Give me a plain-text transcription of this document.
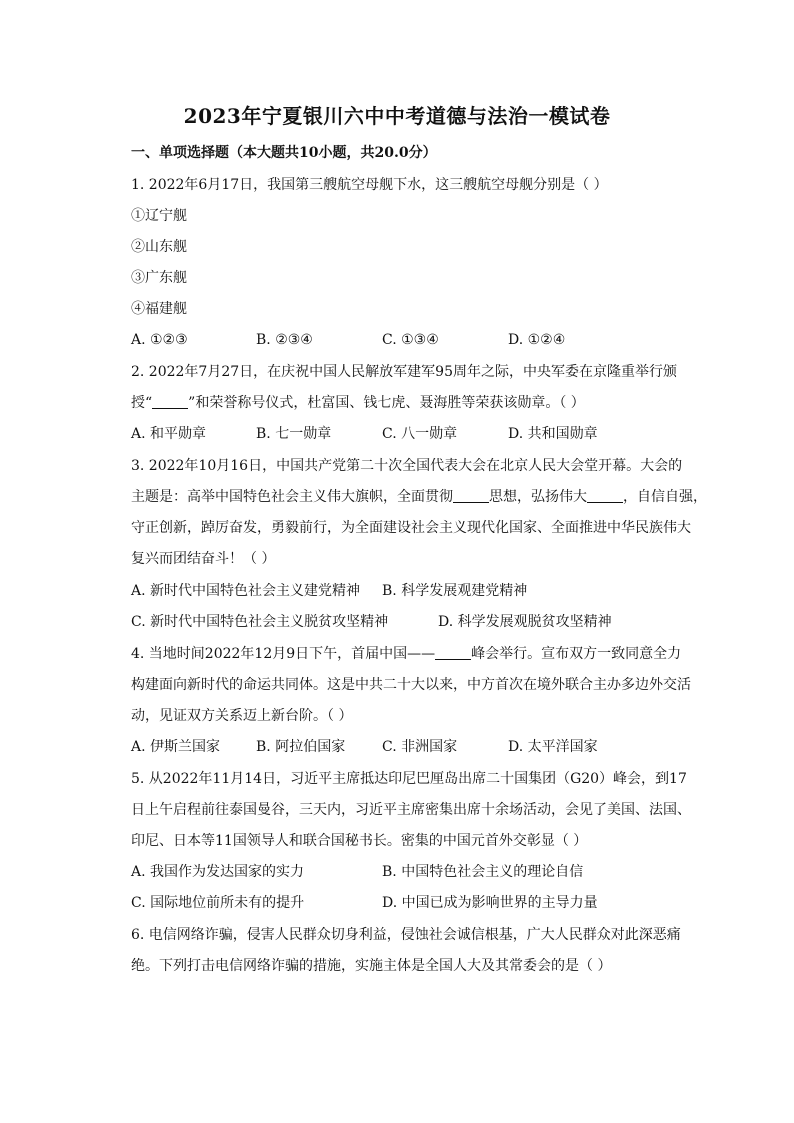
2023年宁夏银川六中中考道德与法治一模试卷
一、单项选择题（本大题共10小题，共20.0分）
1. 2022年6月17日，我国第三艘航空母舰下水，这三艘航空母舰分别是（ ）
①辽宁舰
②山东舰
③广东舰
④福建舰
A. ①②③	B. ②③④	C. ①③④	D. ①②④
2. 2022年7月27日，在庆祝中国人民解放军建军95周年之际，中央军委在京隆重举行颁
授“	”和荣誉称号仪式，杜富国、钱七虎、聂海胜等荣获该勋章。（ ）
A. 和平勋章	B. 七一勋章	C. 八一勋章	D. 共和国勋章
3. 2022年10月16日，中国共产党第二十次全国代表大会在北京人民大会堂开幕。大会的
主题是：高举中国特色社会主义伟大旗帜，全面贯彻	思想，弘扬伟大	，自信自强，
守正创新，踔厉奋发，勇毅前行，为全面建设社会主义现代化国家、全面推进中华民族伟大
复兴而团结奋斗！（ ）
A. 新时代中国特色社会主义建党精神 B. 科学发展观建党精神
C. 新时代中国特色社会主义脱贫攻坚精神	D. 科学发展观脱贫攻坚精神
4. 当地时间2022年12月9日下午，首届中国——	峰会举行。宣布双方一致同意全力
构建面向新时代的命运共同体。这是中共二十大以来，中方首次在境外联合主办多边外交活
动，见证双方关系迈上新台阶。（ ）
A. 伊斯兰国家	B. 阿拉伯国家	C. 非洲国家	D. 太平洋国家
5. 从2022年11月14日，习近平主席抵达印尼巴厘岛出席二十国集团（G20）峰会，到17
日上午启程前往泰国曼谷，三天内，习近平主席密集出席十余场活动，会见了美国、法国、
印尼、日本等11国领导人和联合国秘书长。密集的中国元首外交彰显（ ）
A. 我国作为发达国家的实力	B. 中国特色社会主义的理论自信
C. 国际地位前所未有的提升	D. 中国已成为影响世界的主导力量
6. 电信网络诈骗，侵害人民群众切身利益，侵蚀社会诚信根基，广大人民群众对此深恶痛
绝。下列打击电信网络诈骗的措施，实施主体是全国人大及其常委会的是（ ）
